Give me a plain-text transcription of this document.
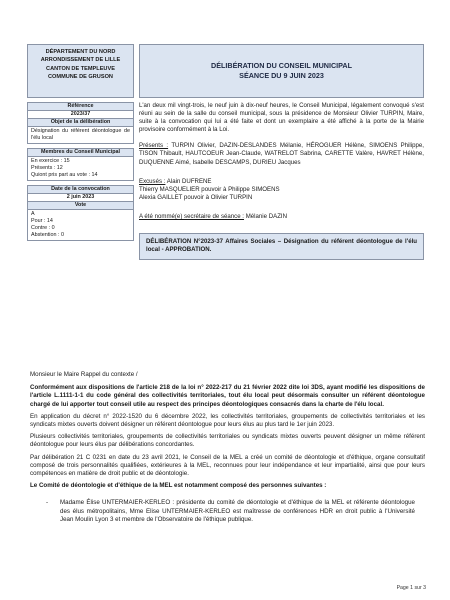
DÉPARTEMENT DU NORD
ARRONDISSEMENT DE LILLE
CANTON DE TEMPLEUVE
COMMUNE DE GRUSON
DÉLIBÉRATION DU CONSEIL MUNICIPAL
SÉANCE DU 9 JUIN 2023
Référence
2023/37
Objet de la délibération
Désignation du référent déontologue de l'élu local
Membres du Conseil Municipal
En exercice : 15
Présents : 12
Quiont pris part au vote : 14
Date de la convocation
2 juin 2023
Vote
A
Pour : 14
Contre : 0
Abstention : 0

L'an deux mil vingt-trois, le neuf juin à dix-neuf heures, le Conseil Municipal, légalement convoqué s'est réuni au sein de la salle du conseil municipal, sous la présidence de Monsieur Olivier TURPIN, Maire, suite à la convocation qui lui a été faite et dont un exemplaire a été affiché à la porte de la Mairie provisoire conformément à la Loi.

Présents : TURPIN Olivier, DAZIN-DESLANDES Mélanie, HÉROGUER Hélène, SIMOENS Philippe, TISON Thibault, HAUTCOEUR Jean-Claude, WATRELOT Sabrina, CARETTE Valère, HAVRET Hélène, DUQUENNE Aimé, Isabelle DESCAMPS, DURIEU Jacques

Excusés : Alain DUFRENE
Thierry MASQUELIER pouvoir à Philippe SIMOENS
Alexia GAILLET pouvoir à Olivier TURPIN
A été nommé(e) secrétaire de séance : Mélanie DAZIN
DÉLIBÉRATION N°2023-37 Affaires Sociales – Désignation du référent déontologue de l'élu local - APPROBATION.

Monsieur le Maire Rappel du contexte /

Conformément aux dispositions de l'article 218 de la loi n° 2022-217 du 21 février 2022 dite loi 3DS, ayant modifié les dispositions de l'article L.1111-1-1 du code général des collectivités territoriales, tout élu local peut désormais consulter un référent déontologue chargé de lui apporter tout conseil utile au respect des principes déontologiques consacrés dans la charte de l'élu local.

En application du décret n° 2022-1520 du 6 décembre 2022, les collectivités territoriales, groupements de collectivités territoriales et les syndicats mixtes ouverts doivent désigner un référent déontologue pour leurs élus au plus tard le 1er juin 2023.

Plusieurs collectivités territoriales, groupements de collectivités territoriales ou syndicats mixtes ouverts peuvent désigner un même référent déontologue pour leurs élus par délibérations concordantes.

Par délibération 21 C 0231 en date du 23 avril 2021, le Conseil de la MEL a créé un comité de déontologie et d'éthique, organe consultatif composé de trois personnalités qualifiées, extérieures à la MEL, reconnues pour leur indépendance et leur impartialité, ainsi que pour leurs compétences en matière de droit public et de déontologie.

Le Comité de déontologie et d'éthique de la MEL est notamment composé des personnes suivantes :

-	Madame Élise UNTERMAIER-KERLEO : présidente du comité de déontologie et d'éthique de la MEL et référente déontologue des élus métropolitains, Mme Elise UNTERMAIER-KERLEO est maîtresse de conférences HDR en droit public à l'Université Jean Moulin Lyon 3 et membre de l'Observatoire de l'éthique publique.
Page 1 sur 3
